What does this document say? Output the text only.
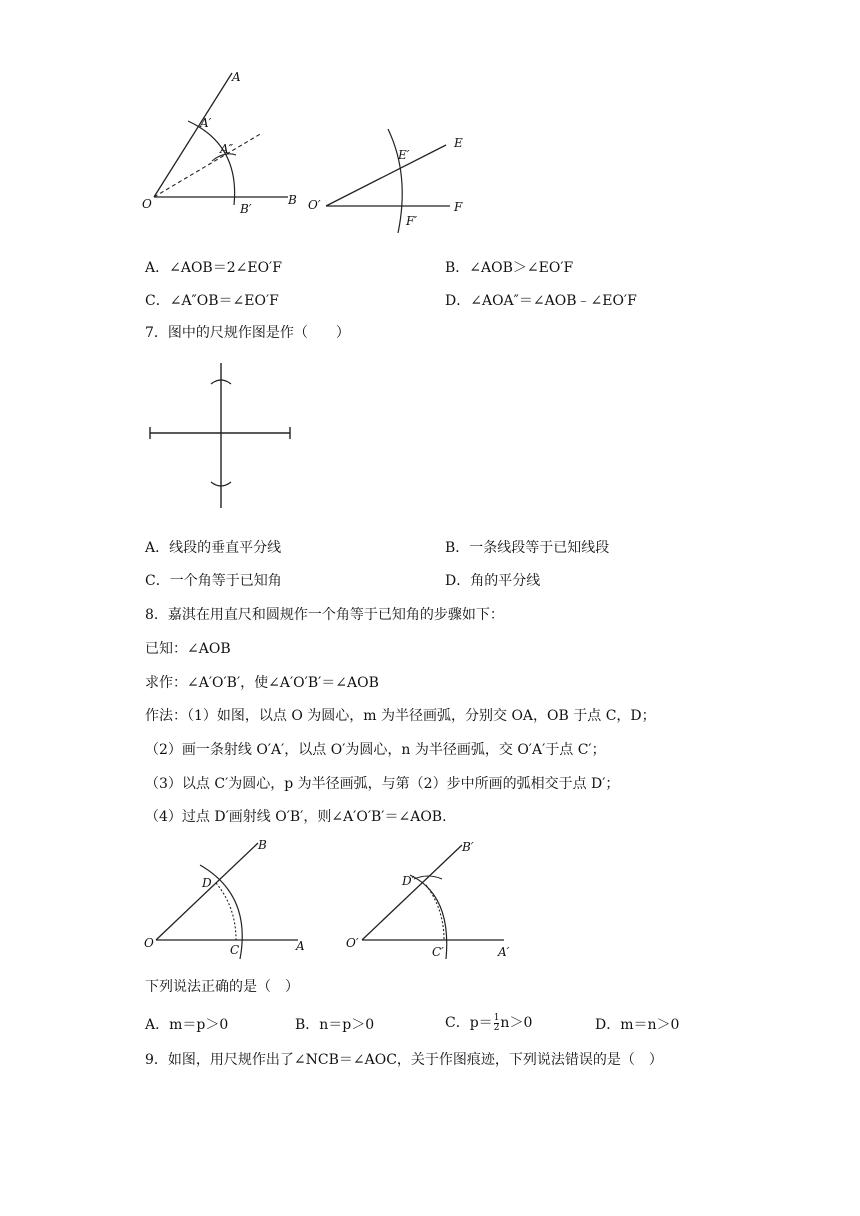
A
A′
A″
O	B′
B
E′
E
O′
F′
F
A．∠AOB＝2∠EO′F	B．∠AOB＞∠EO′F
C．∠A″OB＝∠EO′F	D．∠AOA″＝∠AOB﹣∠EO′F
7．图中的尺规作图是作（　　）
A．线段的垂直平分线	B．一条线段等于已知线段
C．一个角等于已知角	D．角的平分线
8．嘉淇在用直尺和圆规作一个角等于已知角的步骤如下：
已知：∠AOB
求作：∠A′O′B′，使∠A′O′B′＝∠AOB
作法：（1）如图，以点 O 为圆心，m 为半径画弧，分别交 OA，OB 于点 C，D；
（2）画一条射线 O′A′，以点 O′为圆心，n 为半径画弧，交 O′A′于点 C′；
（3）以点 C′为圆心，p 为半径画弧，与第（2）步中所画的弧相交于点 D′；
（4）过点 D′画射线 O′B′，则∠A′O′B′＝∠AOB.
B
D
O	C	A
B′
D′
O′
C′	A′
下列说法正确的是（　）
A．m＝p＞0	B．n＝p＞0	C．$p= \frac{1}{2} n>0$	D．m＝n＞0
9．如图，用尺规作出了∠NCB＝∠AOC，关于作图痕迹，下列说法错误的是（　）
